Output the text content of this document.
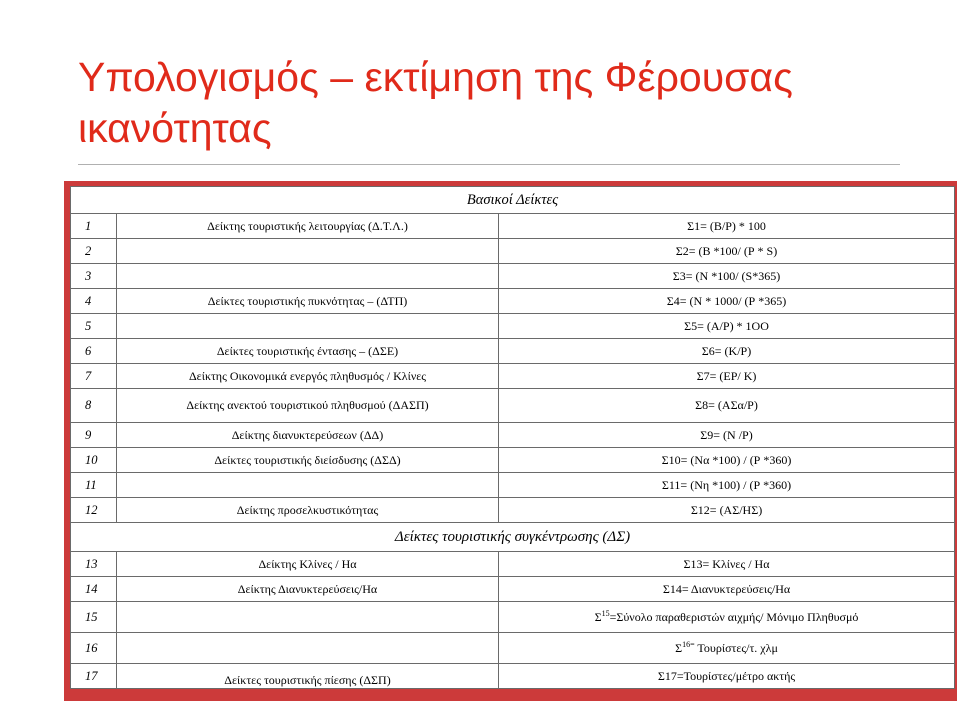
Υπολογισμός – εκτίμηση της Φέρουσας ικανότητας
Βασικοί Δείκτες		
1	Δείκτης τουριστικής λειτουργίας (Δ.Τ.Λ.)	Σ1= (Β/Ρ) * 100
2		Σ2= (Β *100/ (Ρ * S)
3		Σ3= (Ν *100/ (S*365)
4	Δείκτες τουριστικής πυκνότητας – (ΔΤΠ)	Σ4= (Ν * 1000/ (Ρ *365)
5		Σ5= (Α/Ρ) * 1ΟΟ
6	Δείκτες τουριστικής έντασης – (ΔΣΕ)	Σ6= (Κ/Ρ)
7	Δείκτης Οικονομικά ενεργός πληθυσμός / Κλίνες	Σ7= (ΕΡ/ Κ)
8	Δείκτης ανεκτού τουριστικού πληθυσμού (ΔΑΣΠ)	Σ8= (ΑΣα/Ρ)
9	Δείκτης διανυκτερεύσεων (ΔΔ)	Σ9= (Ν /Ρ)
10	Δείκτες τουριστικής διείσδυσης (ΔΣΔ)	Σ10= (Να *100) / (Ρ *360)
11		Σ11= (Νη *100) / (Ρ *360)
12	Δείκτης προσελκυστικότητας	Σ12= (ΑΣ/ΗΣ)
Δείκτες τουριστικής συγκέντρωσης (ΔΣ)		
13	Δείκτης Κλίνες / Ηα	Σ13= Κλίνες / Ηα
14	Δείκτης Διανυκτερεύσεις/Ηα	Σ14= Διανυκτερεύσεις/Ηα
15		$\Sigma^{15}=\Sigma ύ\nu o\lambda o$ παραθεριστών αιχμής/ Μόνιμο Πληθυσμό
16		$\Sigma^{16=}$ Τουρίστες/τ. χλμ
17	Δείκτες τουριστικής πίεσης (ΔΣΠ)	Σ17=Τουρίστες/μέτρο ακτής
